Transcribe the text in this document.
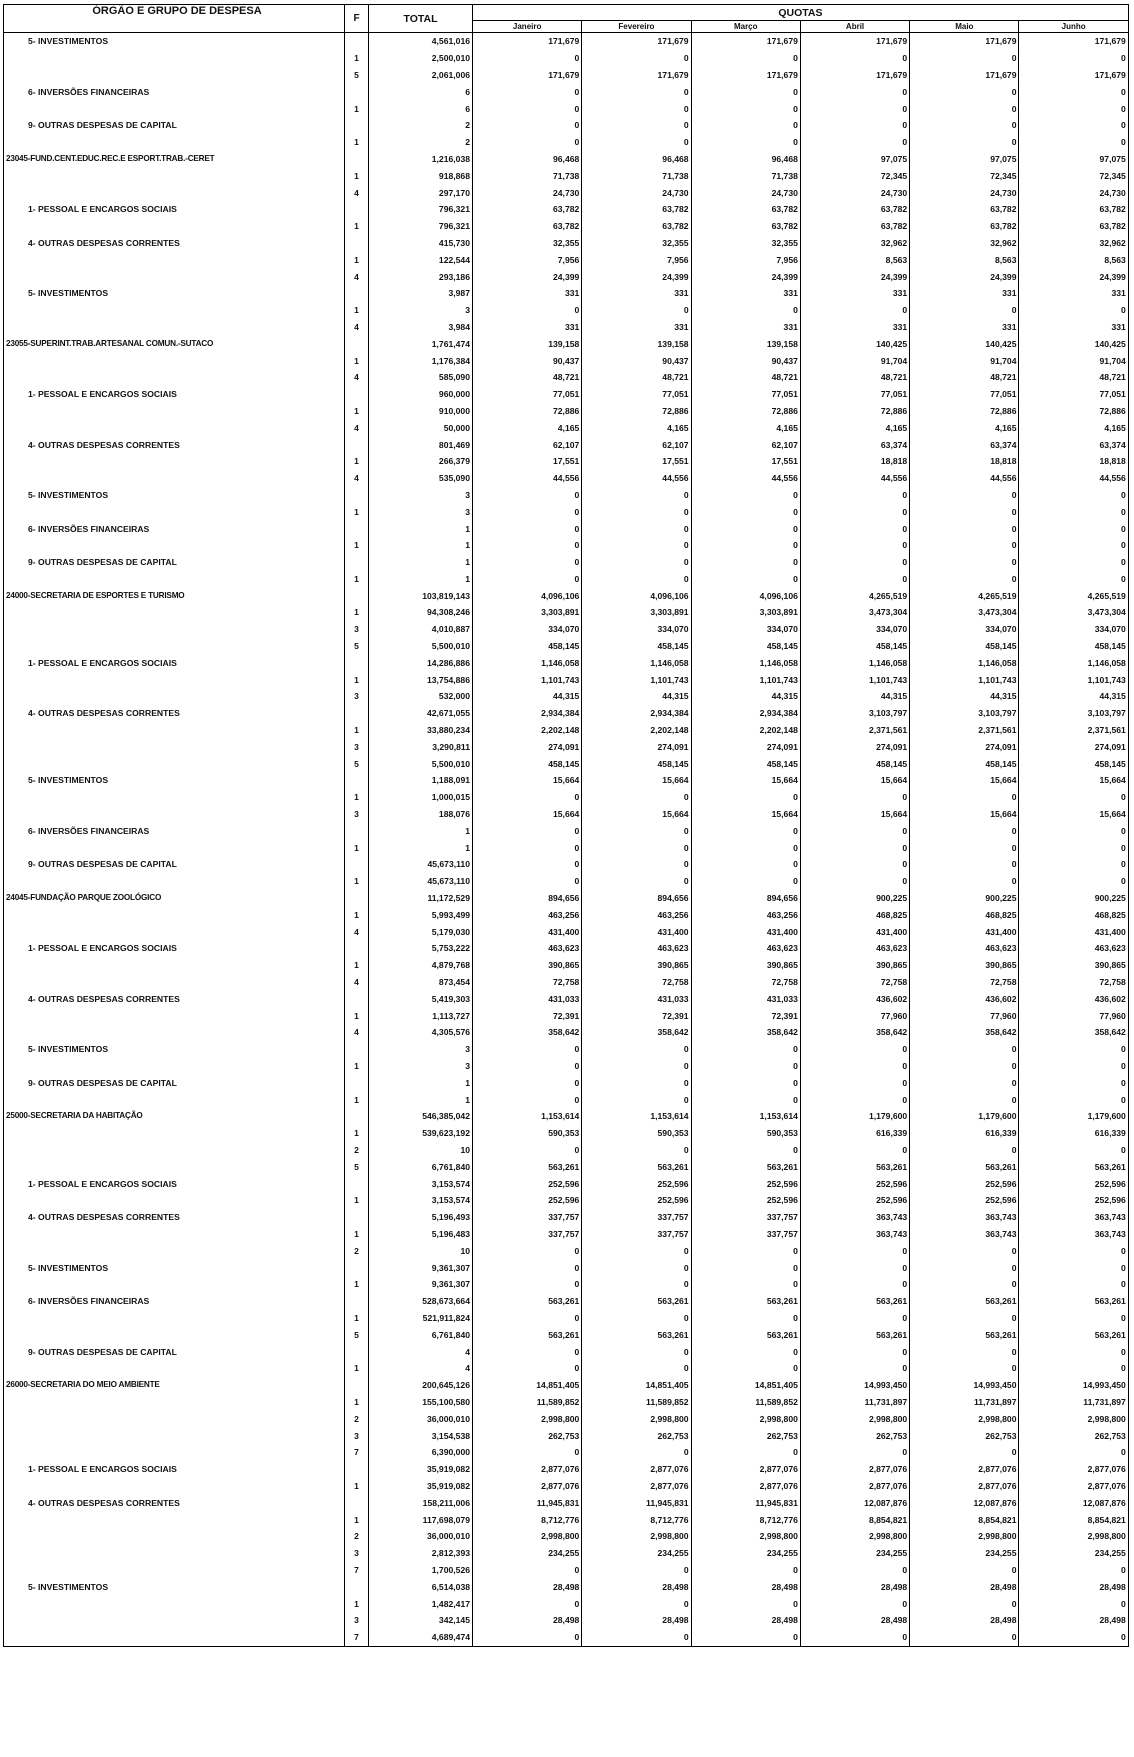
ÓRGÃO E GRUPO DE DESPESA	F	TOTAL	QUOTAS					
			Janeiro	Fevereiro	Março	Abril	Maio	Junho
5- INVESTIMENTOS		4,561,016	171,679	171,679	171,679	171,679	171,679	171,679
	1	2,500,010	0	0	0	0	0	0
	5	2,061,006	171,679	171,679	171,679	171,679	171,679	171,679
6- INVERSÕES FINANCEIRAS		6	0	0	0	0	0	0
	1	6	0	0	0	0	0	0
9- OUTRAS DESPESAS DE CAPITAL		2	0	0	0	0	0	0
	1	2	0	0	0	0	0	0
23045-FUND.CENT.EDUC.REC.E ESPORT.TRAB.-CERET		1,216,038	96,468	96,468	96,468	97,075	97,075	97,075
	1	918,868	71,738	71,738	71,738	72,345	72,345	72,345
	4	297,170	24,730	24,730	24,730	24,730	24,730	24,730
1- PESSOAL E ENCARGOS SOCIAIS		796,321	63,782	63,782	63,782	63,782	63,782	63,782
	1	796,321	63,782	63,782	63,782	63,782	63,782	63,782
4- OUTRAS DESPESAS CORRENTES		415,730	32,355	32,355	32,355	32,962	32,962	32,962
	1	122,544	7,956	7,956	7,956	8,563	8,563	8,563
	4	293,186	24,399	24,399	24,399	24,399	24,399	24,399
5- INVESTIMENTOS		3,987	331	331	331	331	331	331
	1	3	0	0	0	0	0	0
	4	3,984	331	331	331	331	331	331
23055-SUPERINT.TRAB.ARTESANAL COMUN.-SUTACO		1,761,474	139,158	139,158	139,158	140,425	140,425	140,425
	1	1,176,384	90,437	90,437	90,437	91,704	91,704	91,704
	4	585,090	48,721	48,721	48,721	48,721	48,721	48,721
1- PESSOAL E ENCARGOS SOCIAIS		960,000	77,051	77,051	77,051	77,051	77,051	77,051
	1	910,000	72,886	72,886	72,886	72,886	72,886	72,886
	4	50,000	4,165	4,165	4,165	4,165	4,165	4,165
4- OUTRAS DESPESAS CORRENTES		801,469	62,107	62,107	62,107	63,374	63,374	63,374
	1	266,379	17,551	17,551	17,551	18,818	18,818	18,818
	4	535,090	44,556	44,556	44,556	44,556	44,556	44,556
5- INVESTIMENTOS		3	0	0	0	0	0	0
	1	3	0	0	0	0	0	0
6- INVERSÕES FINANCEIRAS		1	0	0	0	0	0	0
	1	1	0	0	0	0	0	0
9- OUTRAS DESPESAS DE CAPITAL		1	0	0	0	0	0	0
	1	1	0	0	0	0	0	0
24000-SECRETARIA DE ESPORTES E TURISMO		103,819,143	4,096,106	4,096,106	4,096,106	4,265,519	4,265,519	4,265,519
	1	94,308,246	3,303,891	3,303,891	3,303,891	3,473,304	3,473,304	3,473,304
	3	4,010,887	334,070	334,070	334,070	334,070	334,070	334,070
	5	5,500,010	458,145	458,145	458,145	458,145	458,145	458,145
1- PESSOAL E ENCARGOS SOCIAIS		14,286,886	1,146,058	1,146,058	1,146,058	1,146,058	1,146,058	1,146,058
	1	13,754,886	1,101,743	1,101,743	1,101,743	1,101,743	1,101,743	1,101,743
	3	532,000	44,315	44,315	44,315	44,315	44,315	44,315
4- OUTRAS DESPESAS CORRENTES		42,671,055	2,934,384	2,934,384	2,934,384	3,103,797	3,103,797	3,103,797
	1	33,880,234	2,202,148	2,202,148	2,202,148	2,371,561	2,371,561	2,371,561
	3	3,290,811	274,091	274,091	274,091	274,091	274,091	274,091
	5	5,500,010	458,145	458,145	458,145	458,145	458,145	458,145
5- INVESTIMENTOS		1,188,091	15,664	15,664	15,664	15,664	15,664	15,664
	1	1,000,015	0	0	0	0	0	0
	3	188,076	15,664	15,664	15,664	15,664	15,664	15,664
6- INVERSÕES FINANCEIRAS		1	0	0	0	0	0	0
	1	1	0	0	0	0	0	0
9- OUTRAS DESPESAS DE CAPITAL		45,673,110	0	0	0	0	0	0
	1	45,673,110	0	0	0	0	0	0
24045-FUNDAÇÃO PARQUE ZOOLÓGICO		11,172,529	894,656	894,656	894,656	900,225	900,225	900,225
	1	5,993,499	463,256	463,256	463,256	468,825	468,825	468,825
	4	5,179,030	431,400	431,400	431,400	431,400	431,400	431,400
1- PESSOAL E ENCARGOS SOCIAIS		5,753,222	463,623	463,623	463,623	463,623	463,623	463,623
	1	4,879,768	390,865	390,865	390,865	390,865	390,865	390,865
	4	873,454	72,758	72,758	72,758	72,758	72,758	72,758
4- OUTRAS DESPESAS CORRENTES		5,419,303	431,033	431,033	431,033	436,602	436,602	436,602
	1	1,113,727	72,391	72,391	72,391	77,960	77,960	77,960
	4	4,305,576	358,642	358,642	358,642	358,642	358,642	358,642
5- INVESTIMENTOS		3	0	0	0	0	0	0
	1	3	0	0	0	0	0	0
9- OUTRAS DESPESAS DE CAPITAL		1	0	0	0	0	0	0
	1	1	0	0	0	0	0	0
25000-SECRETARIA DA HABITAÇÃO		546,385,042	1,153,614	1,153,614	1,153,614	1,179,600	1,179,600	1,179,600
	1	539,623,192	590,353	590,353	590,353	616,339	616,339	616,339
	2	10	0	0	0	0	0	0
	5	6,761,840	563,261	563,261	563,261	563,261	563,261	563,261
1- PESSOAL E ENCARGOS SOCIAIS		3,153,574	252,596	252,596	252,596	252,596	252,596	252,596
	1	3,153,574	252,596	252,596	252,596	252,596	252,596	252,596
4- OUTRAS DESPESAS CORRENTES		5,196,493	337,757	337,757	337,757	363,743	363,743	363,743
	1	5,196,483	337,757	337,757	337,757	363,743	363,743	363,743
	2	10	0	0	0	0	0	0
5- INVESTIMENTOS		9,361,307	0	0	0	0	0	0
	1	9,361,307	0	0	0	0	0	0
6- INVERSÕES FINANCEIRAS		528,673,664	563,261	563,261	563,261	563,261	563,261	563,261
	1	521,911,824	0	0	0	0	0	0
	5	6,761,840	563,261	563,261	563,261	563,261	563,261	563,261
9- OUTRAS DESPESAS DE CAPITAL		4	0	0	0	0	0	0
	1	4	0	0	0	0	0	0
26000-SECRETARIA DO MEIO AMBIENTE		200,645,126	14,851,405	14,851,405	14,851,405	14,993,450	14,993,450	14,993,450
	1	155,100,580	11,589,852	11,589,852	11,589,852	11,731,897	11,731,897	11,731,897
	2	36,000,010	2,998,800	2,998,800	2,998,800	2,998,800	2,998,800	2,998,800
	3	3,154,538	262,753	262,753	262,753	262,753	262,753	262,753
	7	6,390,000	0	0	0	0	0	0
1- PESSOAL E ENCARGOS SOCIAIS		35,919,082	2,877,076	2,877,076	2,877,076	2,877,076	2,877,076	2,877,076
	1	35,919,082	2,877,076	2,877,076	2,877,076	2,877,076	2,877,076	2,877,076
4- OUTRAS DESPESAS CORRENTES		158,211,006	11,945,831	11,945,831	11,945,831	12,087,876	12,087,876	12,087,876
	1	117,698,079	8,712,776	8,712,776	8,712,776	8,854,821	8,854,821	8,854,821
	2	36,000,010	2,998,800	2,998,800	2,998,800	2,998,800	2,998,800	2,998,800
	3	2,812,393	234,255	234,255	234,255	234,255	234,255	234,255
	7	1,700,526	0	0	0	0	0	0
5- INVESTIMENTOS		6,514,038	28,498	28,498	28,498	28,498	28,498	28,498
	1	1,482,417	0	0	0	0	0	0
	3	342,145	28,498	28,498	28,498	28,498	28,498	28,498
	7	4,689,474	0	0	0	0	0	0
